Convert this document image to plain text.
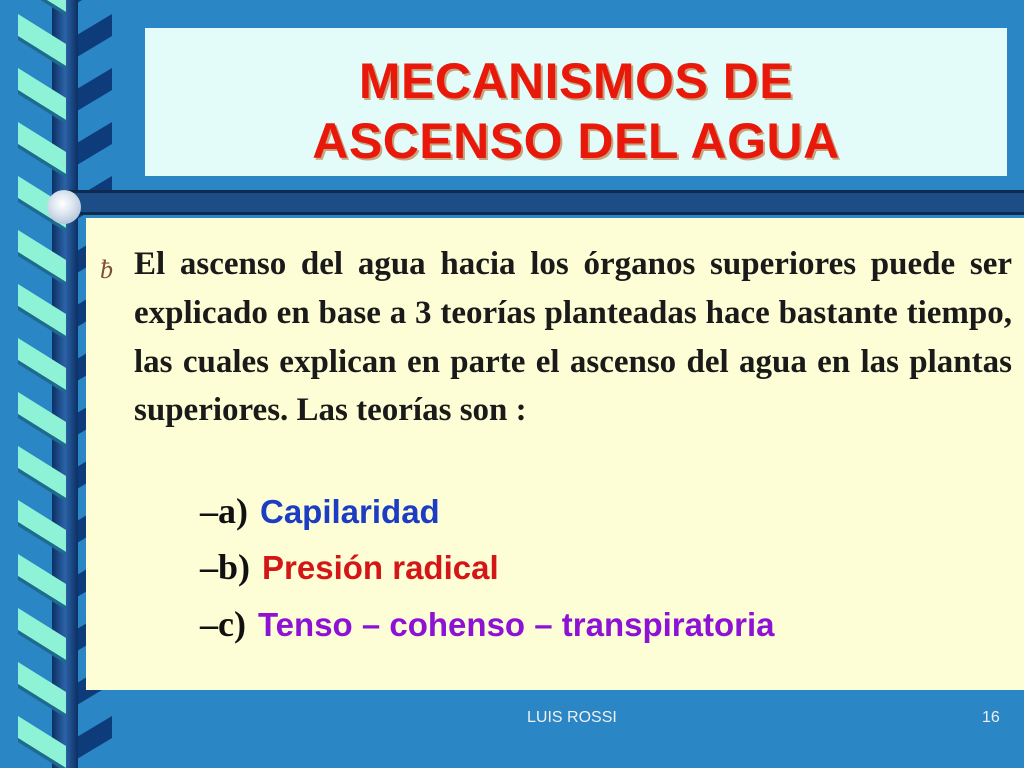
MECANISMOS DE
ASCENSO DEL AGUA
ƀ El ascenso del agua hacia los órganos superiores puede ser explicado en base a 3 teorías planteadas hace bastante tiempo, las cuales explican en parte el ascenso del agua en las plantas superiores. Las teorías son :
–a) Capilaridad
–b) Presión radical
–c) Tenso – cohenso – transpiratoria
LUIS ROSSI	16
